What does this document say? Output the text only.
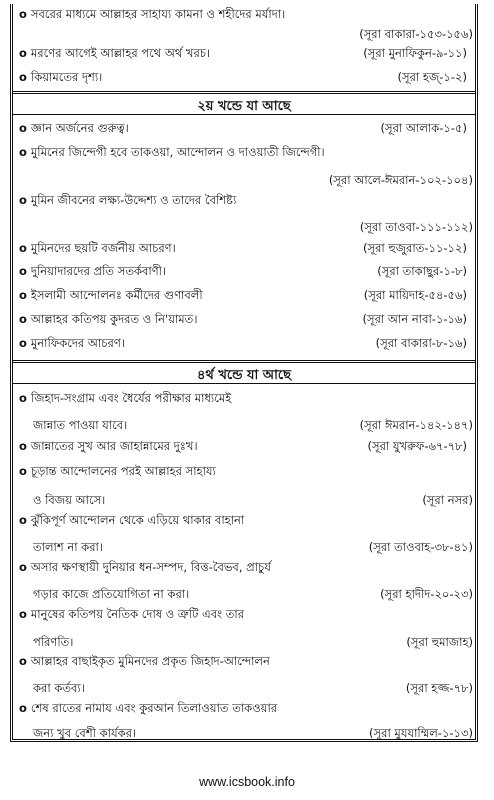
o সবরের মাধ্যমে আল্লাহর সাহায্য কামনা ও শহীদের মর্যাদা।
(সূরা বাকারা-১৫৩-১৫৬)
o মরণের আগেই আল্লাহর পথে অর্থ খরচ।	(সূরা মুনাফিকুন-৯-১১)
o কিয়ামতের দৃশ্য।	(সূরা হজ্-১-২)
২য় খন্ডে যা আছে
o জ্ঞান অর্জনের গুরুত্ব।	(সূরা আলাক-১-৫)
o মুমিনের জিন্দেগী হবে তাকওয়া, আন্দোলন ও দাওয়াতী জিন্দেগী।
(সূরা আলে-ঈমরান-১০২-১০৪)
o মুমিন জীবনের লক্ষ্য-উদ্দেশ্য ও তাদের বৈশিষ্ট্য
(সূরা তাওবা-১১১-১১২)
o মুমিনদের ছয়টি বর্জনীয় আচরণ।	(সূরা হুজুরাত-১১-১২)
o দুনিয়াদারদের প্রতি সতর্কবাণী।	(সূরা তাকাছুর-১-৮)
o ইসলামী আন্দোলনঃ কর্মীদের গুণাবলী	(সূরা মায়িদাহ-৫৪-৫৬)
o আল্লাহর কতিপয় কুদরত ও নি'য়ামত।	(সূরা আন নাবা-১-১৬)
o মুনাফিকদের আচরণ।	(সূরা বাকারা-৮-১৬)
৪র্থ খন্ডে যা আছে
o জিহাদ-সংগ্রাম এবং ধৈর্যের পরীক্ষার মাধ্যমেই
জান্নাত পাওয়া যাবে।	(সূরা ঈমরান-১৪২-১৪৭)
o জান্নাতের সুখ আর জাহান্নামের দুঃখ।	(সূরা যুখরুফ-৬৭-৭৮)
o চূড়ান্ত আন্দোলনের পরই আল্লাহর সাহায্য
ও বিজয় আসে।	(সূরা নসর)
o ঝুঁকিপূর্ণ আন্দোলন থেকে এড়িয়ে থাকার বাহানা
তালাশ না করা।	(সূরা তাওবাহ-৩৮-৪১)
o অসার ক্ষণস্থায়ী দুনিয়ার ধন-সম্পদ, বিত্ত-বৈভব, প্রাচুর্য
গড়ার কাজে প্রতিযোগিতা না করা।	(সূরা হাদীদ-২০-২৩)
o মানুষের কতিপয় নৈতিক দোষ ও ত্রুটি এবং তার
পরিণতি।	(সূরা হুমাজাহ)
o আল্লাহর বাছাইকৃত মুমিনদের প্রকৃত জিহাদ-আন্দোলন
করা কর্তব্য।	(সূরা হজ্জ-৭৮)
o শেষ রাতের নামায এবং কুরআন তিলাওয়াত তাকওয়ার
জন্য খুব বেশী কার্যকর।	(সূরা মুযযাম্মিল-১-১৩)
www.icsbook.info
